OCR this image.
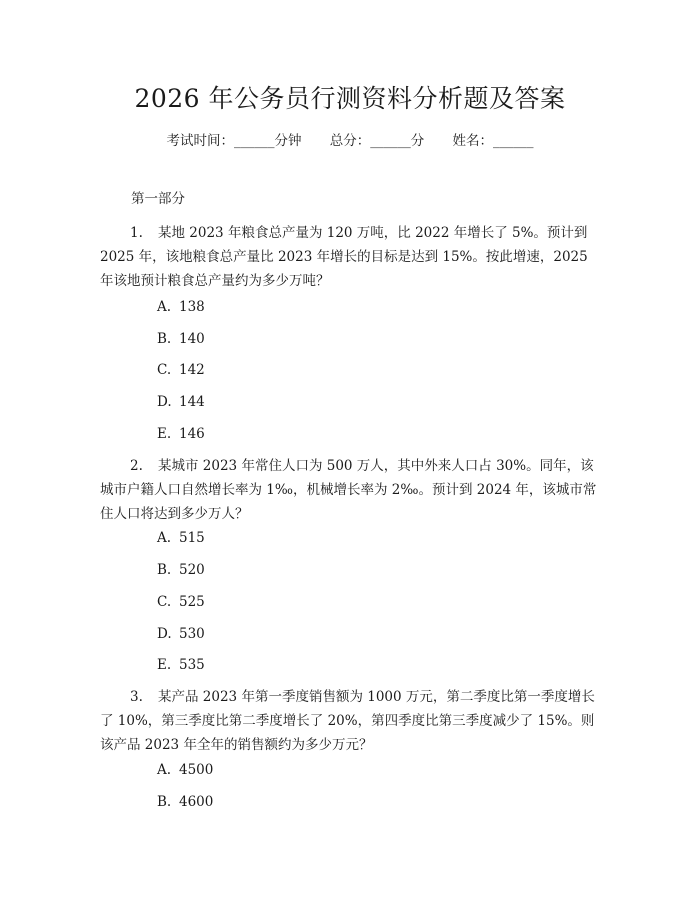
2026 年公务员行测资料分析题及答案
考试时间：______分钟 总分：______分 姓名：______
第一部分

1. 某地 2023 年粮食总产量为 120 万吨，比 2022 年增长了 5%。预计到 2025 年，该地粮食总产量比 2023 年增长的目标是达到 15%。按此增速，2025 年该地预计粮食总产量约为多少万吨？

A. 138
B. 140
C. 142
D. 144
E. 146

2. 某城市 2023 年常住人口为 500 万人，其中外来人口占 30%。同年，该城市户籍人口自然增长率为 1‰，机械增长率为 2‰。预计到 2024 年，该城市常住人口将达到多少万人？

A. 515
B. 520
C. 525
D. 530
E. 535

3. 某产品 2023 年第一季度销售额为 1000 万元，第二季度比第一季度增长了 10%，第三季度比第二季度增长了 20%，第四季度比第三季度减少了 15%。则该产品 2023 年全年的销售额约为多少万元？

A. 4500
B. 4600
